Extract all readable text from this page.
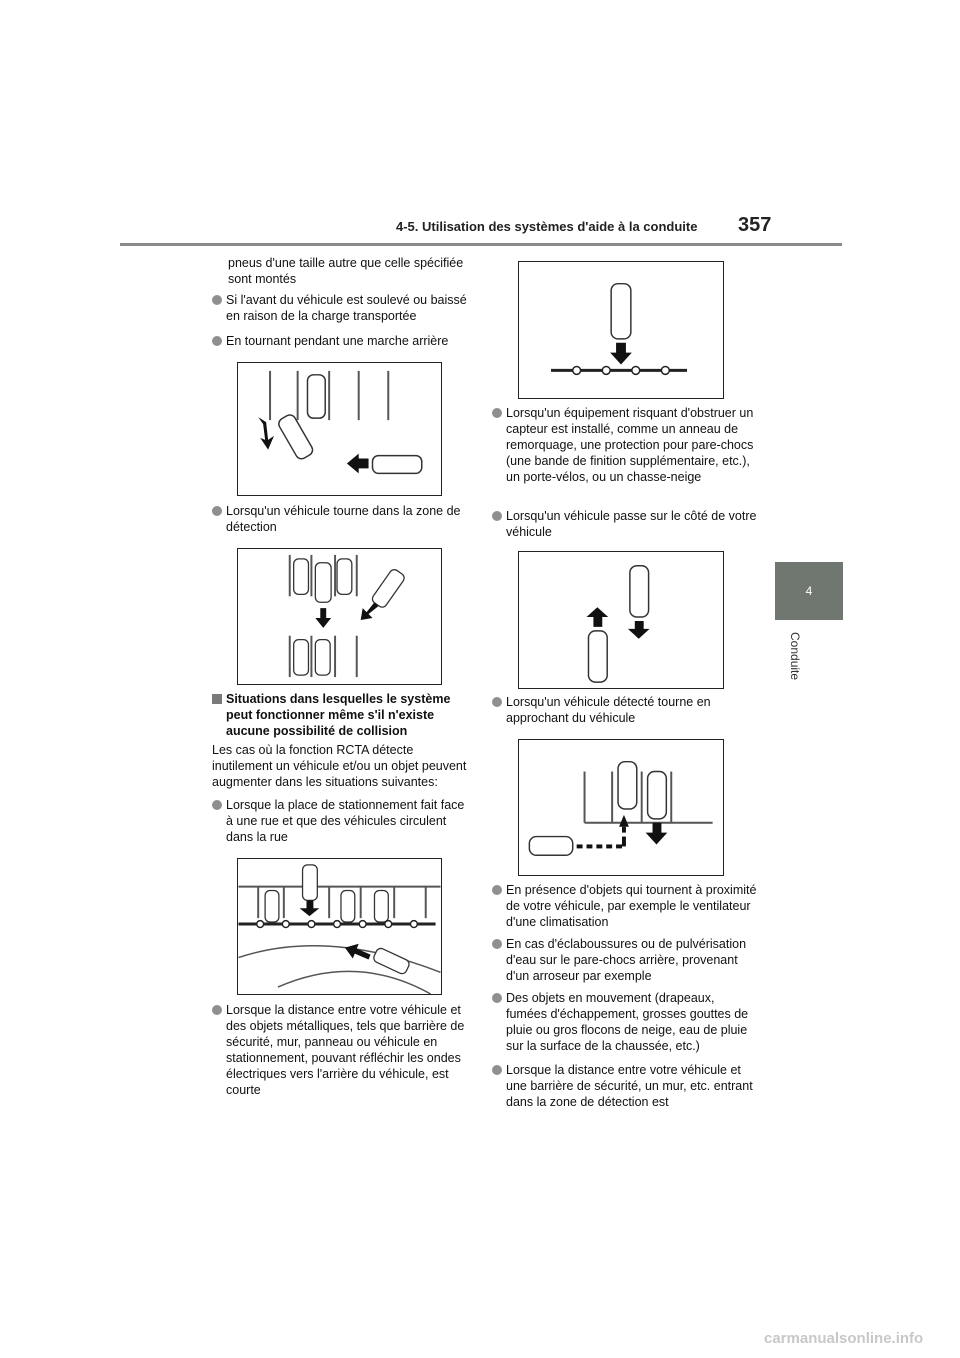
4-5. Utilisation des systèmes d'aide à la conduite 357
4
Conduite
pneus d'une taille autre que celle spécifiée sont montés
Si l'avant du véhicule est soulevé ou baissé en raison de la charge transportée
En tournant pendant une marche arrière
Lorsqu'un véhicule tourne dans la zone de détection
Situations dans lesquelles le système peut fonctionner même s'il n'existe aucune possibilité de collision
Les cas où la fonction RCTA détecte inutilement un véhicule et/ou un objet peuvent augmenter dans les situations suivantes:
Lorsque la place de stationnement fait face à une rue et que des véhicules circulent dans la rue
Lorsque la distance entre votre véhicule et des objets métalliques, tels que barrière de sécurité, mur, panneau ou véhicule en stationnement, pouvant réfléchir les ondes électriques vers l'arrière du véhicule, est courte
Lorsqu'un équipement risquant d'obstruer un capteur est installé, comme un anneau de remorquage, une protection pour pare-chocs (une bande de finition supplémentaire, etc.), un porte-vélos, ou un chasse-neige
Lorsqu'un véhicule passe sur le côté de votre véhicule
Lorsqu'un véhicule détecté tourne en approchant du véhicule
En présence d'objets qui tournent à proximité de votre véhicule, par exemple le ventilateur d'une climatisation
En cas d'éclaboussures ou de pulvérisation d'eau sur le pare-chocs arrière, provenant d'un arroseur par exemple
Des objets en mouvement (drapeaux, fumées d'échappement, grosses gouttes de pluie ou gros flocons de neige, eau de pluie sur la surface de la chaussée, etc.)
Lorsque la distance entre votre véhicule et une barrière de sécurité, un mur, etc. entrant dans la zone de détection est
carmanualsonline.info
